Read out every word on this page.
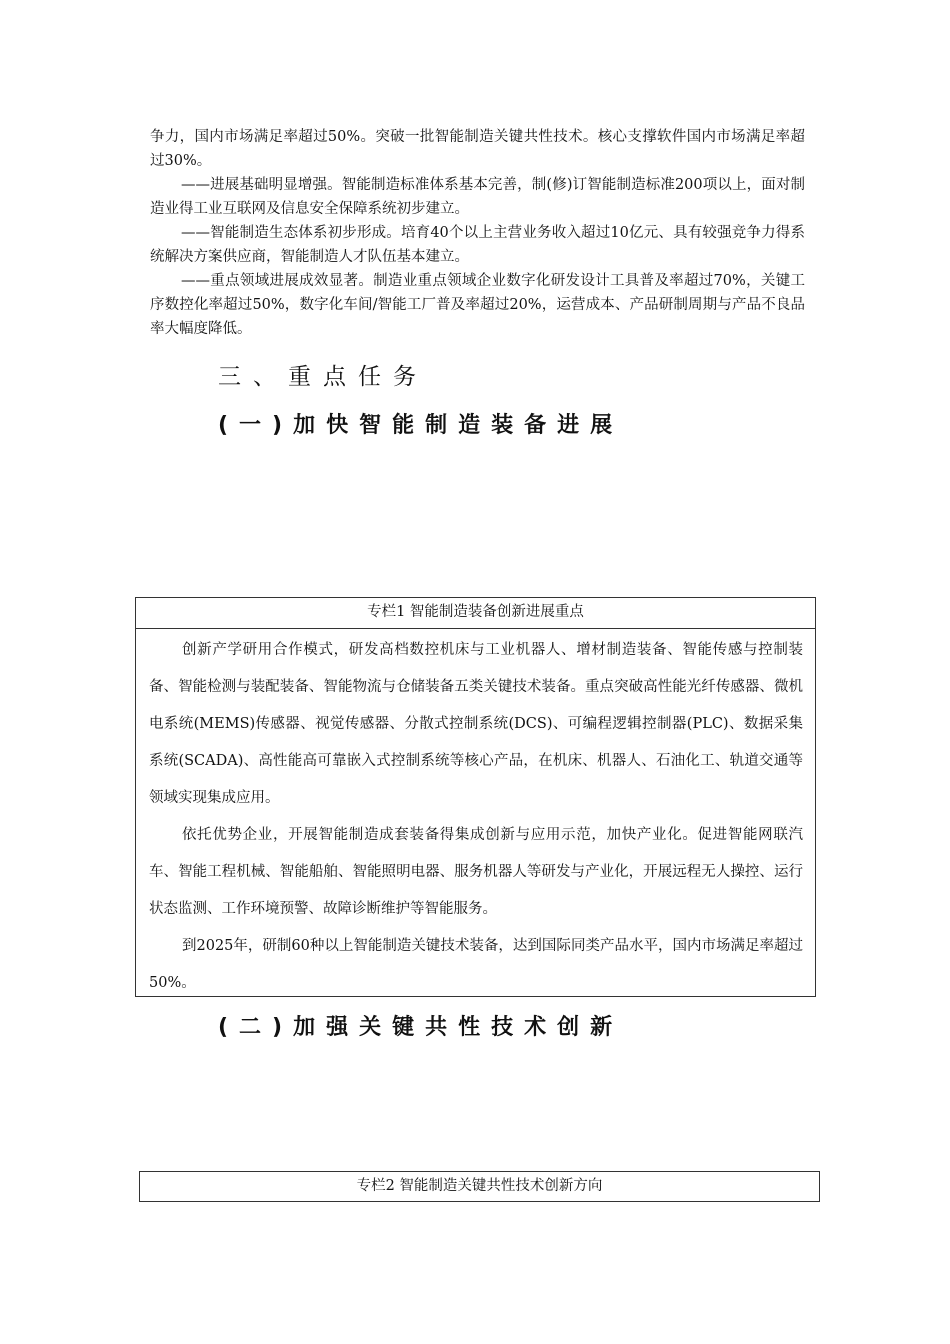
争力，国内市场满足率超过50%。突破一批智能制造关键共性技术。核心支撑软件国内市场满足率超过30%。

——进展基础明显增强。智能制造标准体系基本完善，制(修)订智能制造标准200项以上，面对制造业得工业互联网及信息安全保障系统初步建立。

——智能制造生态体系初步形成。培育40个以上主营业务收入超过10亿元、具有较强竞争力得系统解决方案供应商，智能制造人才队伍基本建立。

——重点领域进展成效显著。制造业重点领域企业数字化研发设计工具普及率超过70%，关键工序数控化率超过50%，数字化车间/智能工厂普及率超过20%，运营成本、产品研制周期与产品不良品率大幅度降低。

三、重点任务
(一)加快智能制造装备进展
专栏1 智能制造装备创新进展重点

创新产学研用合作模式，研发高档数控机床与工业机器人、增材制造装备、智能传感与控制装备、智能检测与装配装备、智能物流与仓储装备五类关键技术装备。重点突破高性能光纤传感器、微机电系统(MEMS)传感器、视觉传感器、分散式控制系统(DCS)、可编程逻辑控制器(PLC)、数据采集系统(SCADA)、高性能高可靠嵌入式控制系统等核心产品，在机床、机器人、石油化工、轨道交通等领域实现集成应用。

依托优势企业，开展智能制造成套装备得集成创新与应用示范，加快产业化。促进智能网联汽车、智能工程机械、智能船舶、智能照明电器、服务机器人等研发与产业化，开展远程无人操控、运行状态监测、工作环境预警、故障诊断维护等智能服务。

到2025年，研制60种以上智能制造关键技术装备，达到国际同类产品水平，国内市场满足率超过50%。

(二)加强关键共性技术创新
专栏2 智能制造关键共性技术创新方向
